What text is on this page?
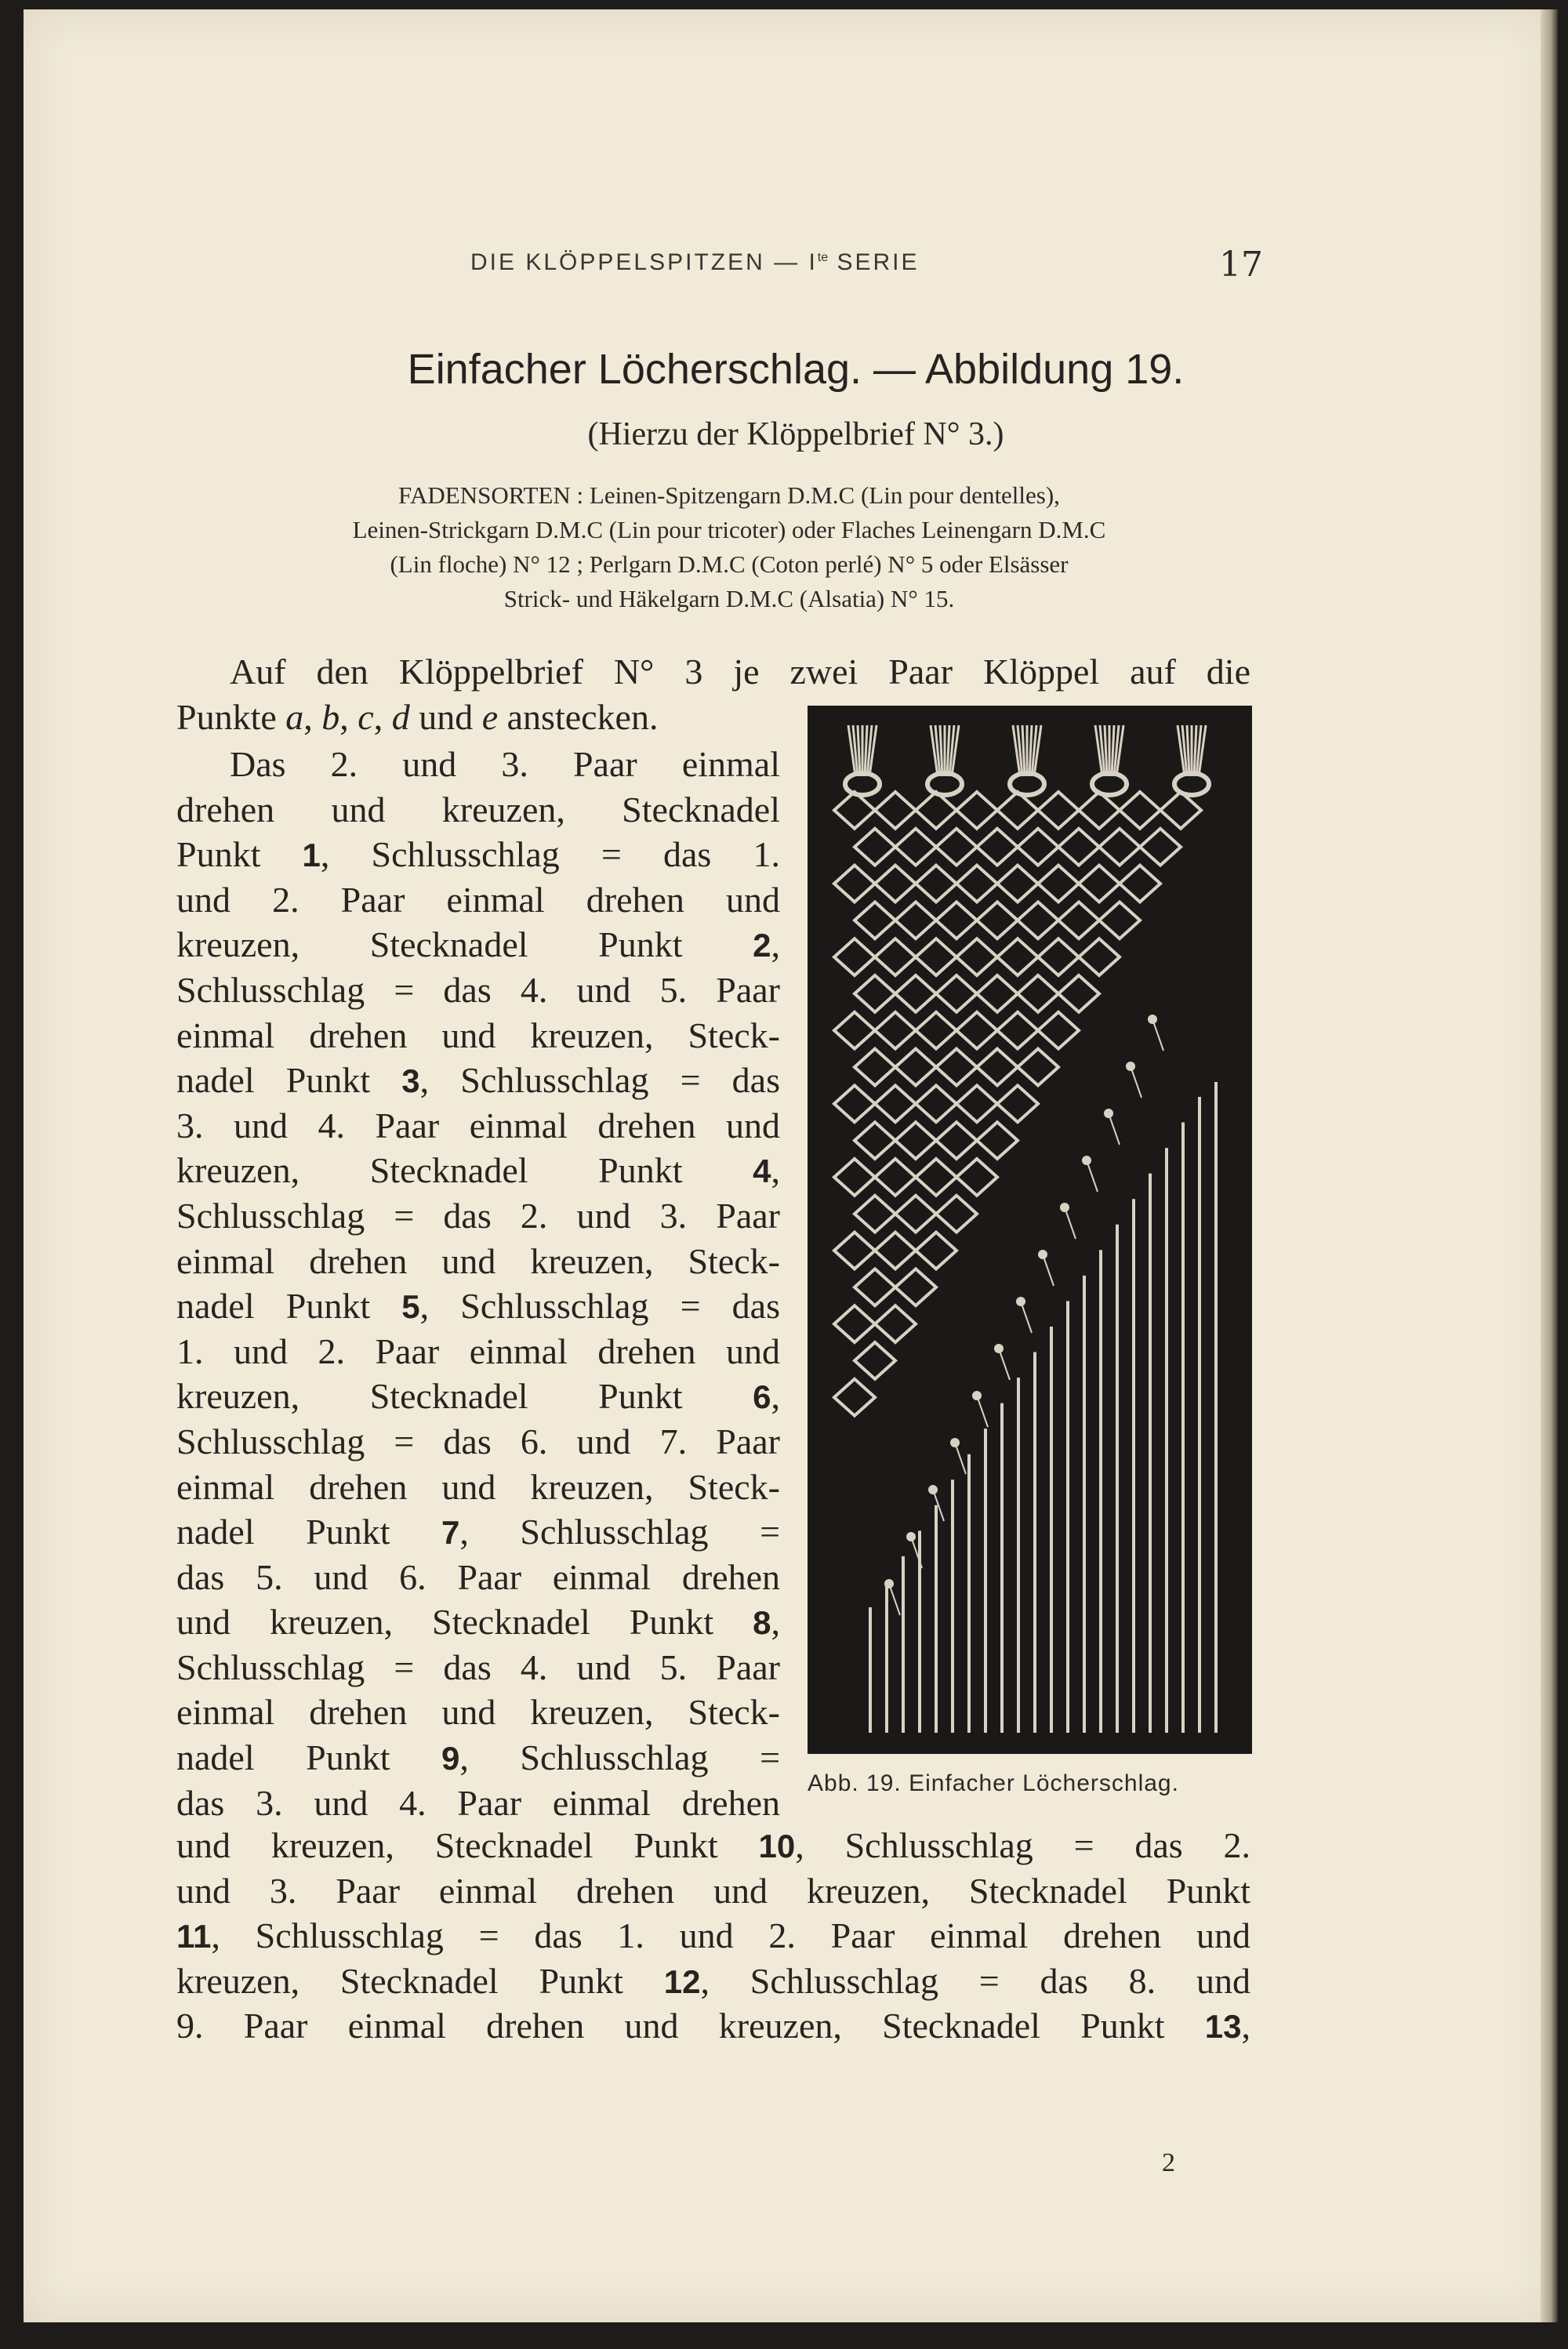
DIE KLÖPPELSPITZEN — $I^{te}$ SERIE	17
Einfacher Löcherschlag. — Abbildung 19.
(Hierzu der Klöppelbrief N° 3.)
FADENSORTEN : Leinen-Spitzengarn D.M.C (Lin pour dentelles),
Leinen-Strickgarn D.M.C (Lin pour tricoter) oder Flaches Leinengarn D.M.C
(Lin floche) N° 12 ; Perlgarn D.M.C (Coton perlé) N° 5 oder Elsässer
Strick- und Häkelgarn D.M.C (Alsatia) N° 15.
Auf den Klöppelbrief N° 3 je zwei Paar Klöppel auf die
Punkte a, b, c, d und e anstecken.
Das 2. und 3. Paar einmal
drehen und kreuzen, Stecknadel
Punkt 1, Schlusschlag = das 1.
und 2. Paar einmal drehen und
kreuzen, Stecknadel Punkt 2,
Schlusschlag = das 4. und 5. Paar
einmal drehen und kreuzen, Steck-
nadel Punkt 3, Schlusschlag = das
3. und 4. Paar einmal drehen und
kreuzen, Stecknadel Punkt 4,
Schlusschlag = das 2. und 3. Paar
einmal drehen und kreuzen, Steck-
nadel Punkt 5, Schlusschlag = das
1. und 2. Paar einmal drehen und
kreuzen, Stecknadel Punkt 6,
Schlusschlag = das 6. und 7. Paar
einmal drehen und kreuzen, Steck-
nadel Punkt 7, Schlusschlag =
das 5. und 6. Paar einmal drehen
und kreuzen, Stecknadel Punkt 8,
Schlusschlag = das 4. und 5. Paar
einmal drehen und kreuzen, Steck-
nadel Punkt 9, Schlusschlag =
das 3. und 4. Paar einmal drehen Abb. 19. Einfacher Löcherschlag.
und kreuzen, Stecknadel Punkt 10, Schlusschlag = das 2.
und 3. Paar einmal drehen und kreuzen, Stecknadel Punkt
11, Schlusschlag = das 1. und 2. Paar einmal drehen und
kreuzen, Stecknadel Punkt 12, Schlusschlag = das 8. und
9. Paar einmal drehen und kreuzen, Stecknadel Punkt 13,
2
